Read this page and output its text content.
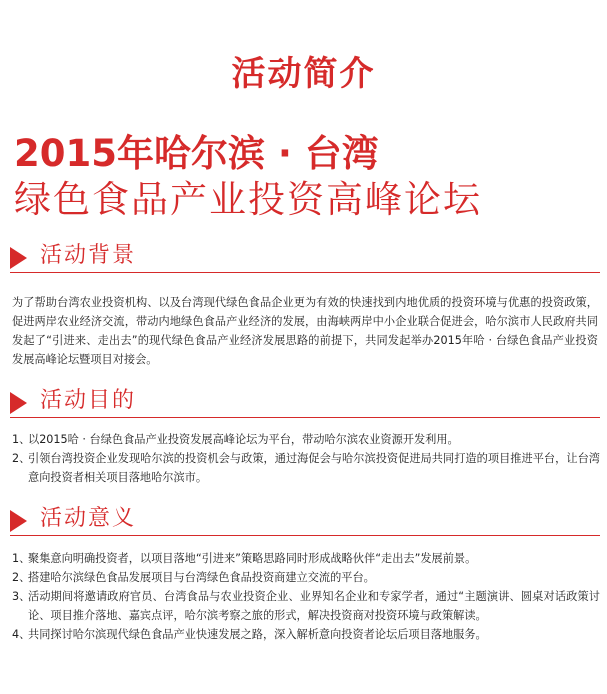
活动简介
2015年哈尔滨 · 台湾
绿色食品产业投资高峰论坛
活动背景

为了帮助台湾农业投资机构、以及台湾现代绿色食品企业更为有效的快速找到内地优质的投资环境与优惠的投资政策，促进两岸农业经济交流，带动内地绿色食品产业经济的发展，由海峡两岸中小企业联合促进会，哈尔滨市人民政府共同发起了“引进来、走出去”的现代绿色食品产业经济发展思路的前提下，共同发起举办2015年哈 · 台绿色食品产业投资发展高峰论坛暨项目对接会。

活动目的
1、
以2015哈 · 台绿色食品产业投资发展高峰论坛为平台，带动哈尔滨农业资源开发利用。
2、
引领台湾投资企业发现哈尔滨的投资机会与政策，通过海促会与哈尔滨投资促进局共同打造的项目推进平台，让台湾意向投资者相关项目落地哈尔滨市。
活动意义
1、
聚集意向明确投资者，以项目落地“引进来”策略思路同时形成战略伙伴“走出去”发展前景。
2、
搭建哈尔滨绿色食品发展项目与台湾绿色食品投资商建立交流的平台。
3、
活动期间将邀请政府官员、台湾食品与农业投资企业、业界知名企业和专家学者，通过“主题演讲、圆桌对话政策讨论、项目推介落地、嘉宾点评，哈尔滨考察之旅的形式，解决投资商对投资环境与政策解读。
4、
共同探讨哈尔滨现代绿色食品产业快速发展之路，深入解析意向投资者论坛后项目落地服务。
